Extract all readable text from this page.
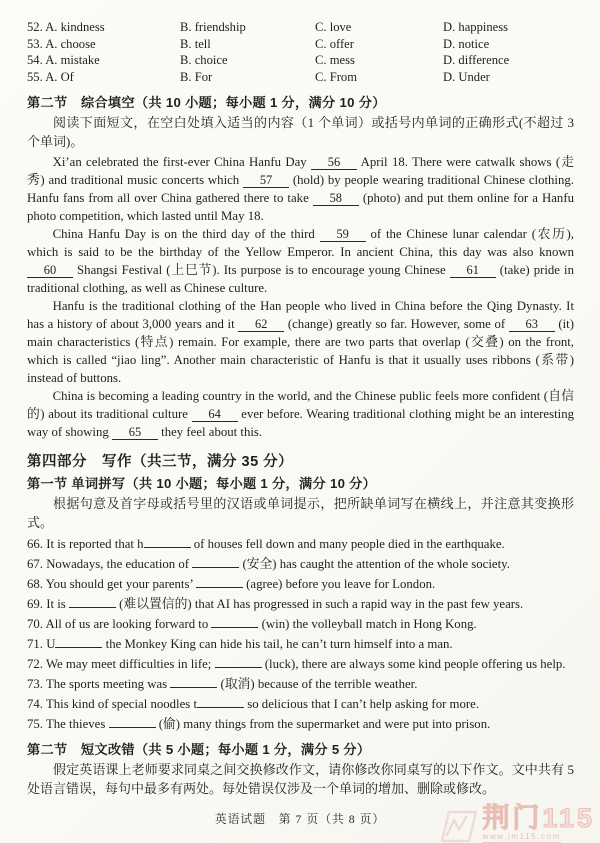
52. A. kindness	B. friendship	C. love	D. happiness
53. A. choose	B. tell	C. offer	D. notice
54. A. mistake	B. choice	C. mess	D. difference
55. A. Of	B. For	C. From	D. Under
第二节　综合填空（共 10 小题；每小题 1 分，满分 10 分）

阅读下面短文，在空白处填入适当的内容（1 个单词）或括号内单词的正确形式(不超过 3 个单词)。

Xi’an celebrated the first-ever China Hanfu Day 56 April 18. There were catwalk shows (走秀) and traditional music concerts which 57 (hold) by people wearing traditional Chinese clothing. Hanfu fans from all over China gathered there to take 58 (photo) and put them online for a Hanfu photo competition, which lasted until May 18.

China Hanfu Day is on the third day of the third 59 of the Chinese lunar calendar (农历), which is said to be the birthday of the Yellow Emperor. In ancient China, this day was also known 60 Shangsi Festival (上巳节). Its purpose is to encourage young Chinese 61 (take) pride in traditional clothing, as well as Chinese culture.

Hanfu is the traditional clothing of the Han people who lived in China before the Qing Dynasty. It has a history of about 3,000 years and it 62 (change) greatly so far. However, some of 63 (it) main characteristics (特点) remain. For example, there are two parts that overlap (交叠) on the front, which is called “jiao ling”. Another main characteristic of Hanfu is that it usually uses ribbons (系带) instead of buttons.

China is becoming a leading country in the world, and the Chinese public feels more confident (自信的) about its traditional culture 64 ever before. Wearing traditional clothing might be an interesting way of showing 65 they feel about this.

第四部分　写作（共三节，满分 35 分）
第一节 单词拼写（共 10 小题；每小题 1 分，满分 10 分）

根据句意及首字母或括号里的汉语或单词提示，把所缺单词写在横线上，并注意其变换形式。

66. It is reported that h	of houses fell down and many people died in the earthquake.
67. Nowadays, the education of	(安全) has caught the attention of the whole society.
68. You should get your parents’	(agree) before you leave for London.
69. It is	(难以置信的) that AI has progressed in such a rapid way in the past few years.
70. All of us are looking forward to	(win) the volleyball match in Hong Kong.
71. U	the Monkey King can hide his tail, he can’t turn himself into a man.
72. We may meet difficulties in life;	(luck), there are always some kind people offering us help.
73. The sports meeting was	(取消) because of the terrible weather.
74. This kind of special noodles t	so delicious that I can’t help asking for more.
75. The thieves	(偷) many things from the supermarket and were put into prison.
第二节　短文改错（共 5 小题；每小题 1 分，满分 5 分）

假定英语课上老师要求同桌之间交换修改作文，请你修改你同桌写的以下作文。文中共有 5 处语言错误，每句中最多有两处。每处错误仅涉及一个单词的增加、删除或修改。

英语试题　第 7 页（共 8 页）	荆门115
www.jm115.com
